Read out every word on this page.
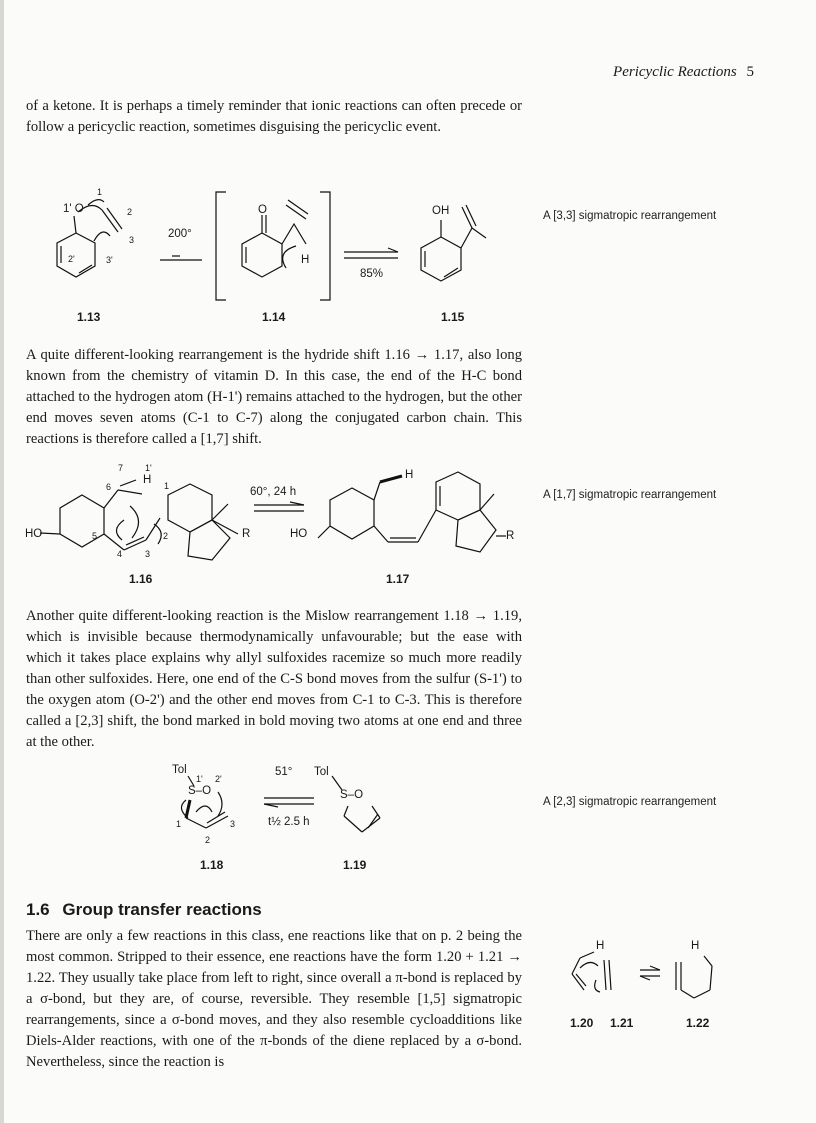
Pericyclic Reactions 5

of a ketone. It is perhaps a timely reminder that ionic reactions can often precede or follow a pericyclic reaction, sometimes disguising the pericyclic event.

1' O
1
2
3
2'	3'
200°
O
H
85%
OH
1.13	1.14	1.15
A [3,3] sigmatropic rearrangement

A quite different-looking rearrangement is the hydride shift 1.16 → 1.17, also long known from the chemistry of vitamin D. In this case, the end of the H-C bond attached to the hydrogen atom (H-1') remains attached to the hydrogen, but the other end moves seven atoms (C-1 to C-7) along the conjugated carbon chain. This reactions is therefore called a [1,7] shift.

7 1'
H
6	1
HO	5	2
4	3
R
60°, 24 h
HO
H
R
1.16	1.17
A [1,7] sigmatropic rearrangement

Another quite different-looking reaction is the Mislow rearrangement 1.18 → 1.19, which is invisible because thermodynamically unfavourable; but the ease with which it takes place explains why allyl sulfoxides racemize so much more readily than other sulfoxides. Here, one end of the C-S bond moves from the sulfur (S-1') to the oxygen atom (O-2') and the other end moves from C-1 to C-3. This is therefore called a [2,3] shift, the bond marked in bold moving two atoms at one end and three at the other.

Tol
1' 2'
S–O
1	3
2
51°
t½ 2.5 h
Tol
S–O
1.18	1.19
A [2,3] sigmatropic rearrangement
1.6 Group transfer reactions

There are only a few reactions in this class, ene reactions like that on p. 2 being the most common. Stripped to their essence, ene reactions have the form 1.20 + 1.21 → 1.22. They usually take place from left to right, since overall a π-bond is replaced by a σ-bond, but they are, of course, reversible. They resemble [1,5] sigmatropic rearrangements, since a σ-bond moves, and they also resemble cycloadditions like Diels-Alder reactions, with one of the π-bonds of the diene replaced by a σ-bond. Nevertheless, since the reaction is

H	H
1.20 1.21	1.22
